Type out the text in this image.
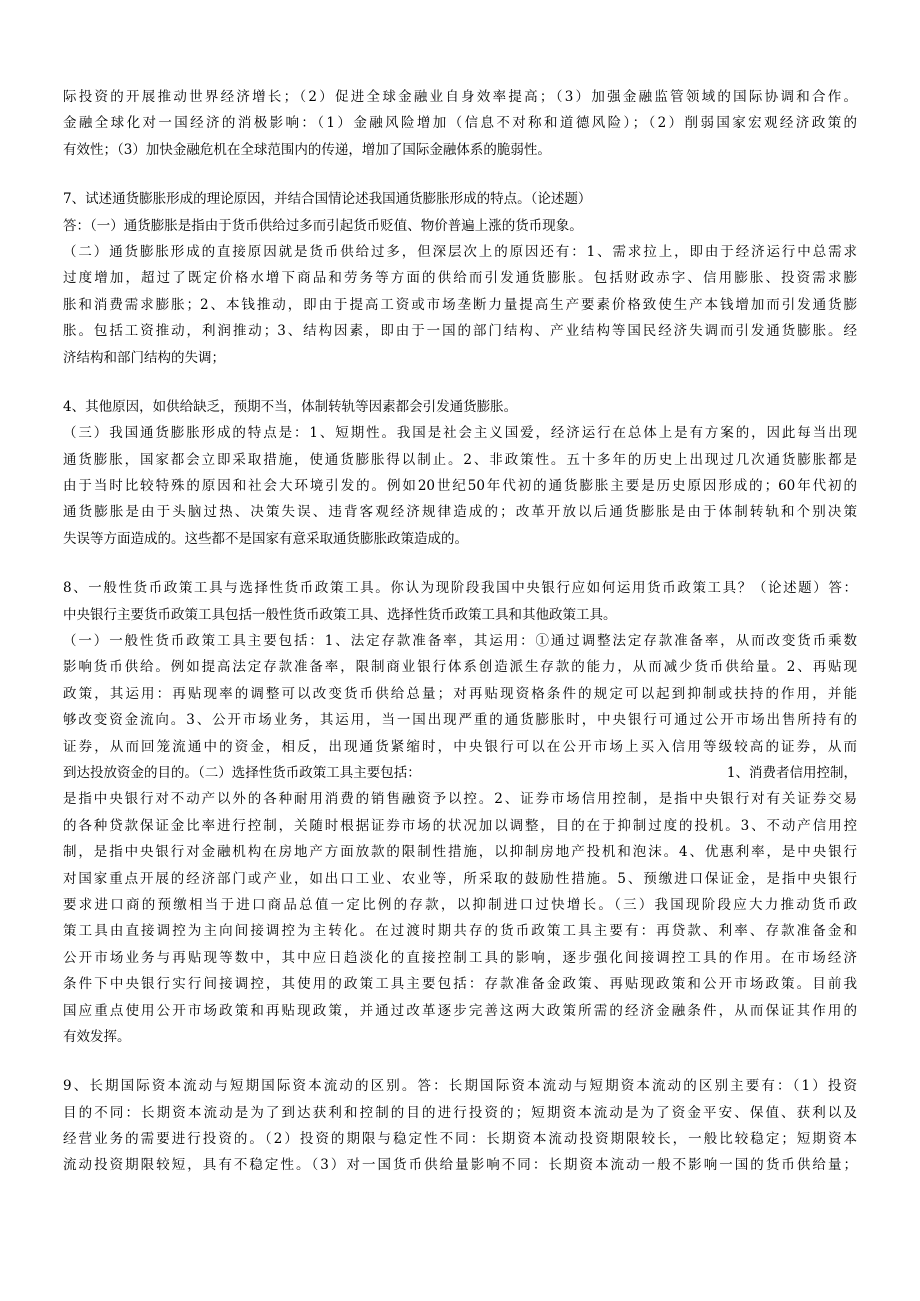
际投资的开展推动世界经济增长；（2）促进全球金融业自身效率提高；（3）加强金融监管领域的国际协调和合作。
金融全球化对一国经济的消极影响：（1）金融风险增加（信息不对称和道德风险）；（2）削弱国家宏观经济政策的
有效性；（3）加快金融危机在全球范围内的传递，增加了国际金融体系的脆弱性。
7、试述通货膨胀形成的理论原因，并结合国情论述我国通货膨胀形成的特点。（论述题）
答：（一）通货膨胀是指由于货币供给过多而引起货币贬值、物价普遍上涨的货币现象。
（二）通货膨胀形成的直接原因就是货币供给过多，但深层次上的原因还有：1、需求拉上，即由于经济运行中总需求
过度增加，超过了既定价格水增下商品和劳务等方面的供给而引发通货膨胀。包括财政赤字、信用膨胀、投资需求膨
胀和消费需求膨胀；2、本钱推动，即由于提高工资或市场垄断力量提高生产要素价格致使生产本钱增加而引发通货膨
胀。包括工资推动，利润推动；3、结构因素，即由于一国的部门结构、产业结构等国民经济失调而引发通货膨胀。经
济结构和部门结构的失调；
4、其他原因，如供给缺乏，预期不当，体制转轨等因素都会引发通货膨胀。
（三）我国通货膨胀形成的特点是：1、短期性。我国是社会主义国爱，经济运行在总体上是有方案的，因此每当出现
通货膨胀，国家都会立即采取措施，使通货膨胀得以制止。2、非政策性。五十多年的历史上出现过几次通货膨胀都是
由于当时比较特殊的原因和社会大环境引发的。例如20世纪50年代初的通货膨胀主要是历史原因形成的；60年代初的
通货膨胀是由于头脑过热、决策失误、违背客观经济规律造成的；改革开放以后通货膨胀是由于体制转轨和个别决策
失误等方面造成的。这些都不是国家有意采取通货膨胀政策造成的。
8、一般性货币政策工具与选择性货币政策工具。你认为现阶段我国中央银行应如何运用货币政策工具？（论述题）答：
中央银行主要货币政策工具包括一般性货币政策工具、选择性货币政策工具和其他政策工具。
（一）一般性货币政策工具主要包括：1、法定存款准备率，其运用：①通过调整法定存款准备率，从而改变货币乘数
影响货币供给。例如提高法定存款准备率，限制商业银行体系创造派生存款的能力，从而减少货币供给量。2、再贴现
政策，其运用：再贴现率的调整可以改变货币供给总量；对再贴现资格条件的规定可以起到抑制或扶持的作用，并能
够改变资金流向。3、公开市场业务，其运用，当一国出现严重的通货膨胀时，中央银行可通过公开市场出售所持有的
证券，从而回笼流通中的资金，相反，出现通货紧缩时，中央银行可以在公开市场上买入信用等级较高的证券，从而
到达投放资金的目的。（二）选择性货币政策工具主要包括：	1、消费者信用控制，
是指中央银行对不动产以外的各种耐用消费的销售融资予以控。2、证券市场信用控制，是指中央银行对有关证券交易
的各种贷款保证金比率进行控制，关随时根据证券市场的状况加以调整，目的在于抑制过度的投机。3、不动产信用控
制，是指中央银行对金融机构在房地产方面放款的限制性措施，以抑制房地产投机和泡沫。4、优惠利率，是中央银行
对国家重点开展的经济部门或产业，如出口工业、农业等，所采取的鼓励性措施。5、预缴进口保证金，是指中央银行
要求进口商的预缴相当于进口商品总值一定比例的存款，以抑制进口过快增长。（三）我国现阶段应大力推动货币政
策工具由直接调控为主向间接调控为主转化。在过渡时期共存的货币政策工具主要有：再贷款、利率、存款准备金和
公开市场业务与再贴现等数中，其中应日趋淡化的直接控制工具的影响，逐步强化间接调控工具的作用。在市场经济
条件下中央银行实行间接调控，其使用的政策工具主要包括：存款准备金政策、再贴现政策和公开市场政策。目前我
国应重点使用公开市场政策和再贴现政策，并通过改革逐步完善这两大政策所需的经济金融条件，从而保证其作用的
有效发挥。
9、长期国际资本流动与短期国际资本流动的区别。答：长期国际资本流动与短期资本流动的区别主要有：（1）投资
目的不同：长期资本流动是为了到达获利和控制的目的进行投资的；短期资本流动是为了资金平安、保值、获利以及
经营业务的需要进行投资的。（2）投资的期限与稳定性不同：长期资本流动投资期限较长，一般比较稳定；短期资本
流动投资期限较短，具有不稳定性。（3）对一国货币供给量影响不同：长期资本流动一般不影响一国的货币供给量；
